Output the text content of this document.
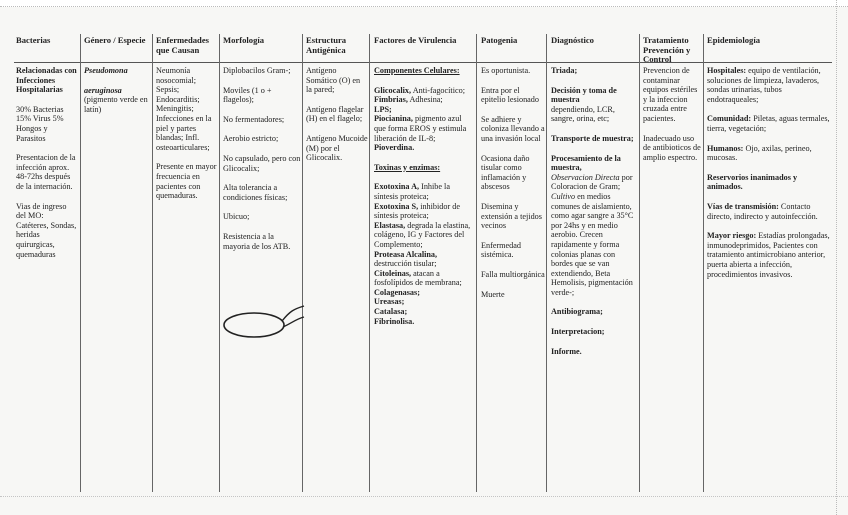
Bacterias

Relacionadas con Infecciones Hospitalarias

30% Bacterias 15% Virus 5% Hongos y Parasitos

Presentacion de la infección aprox. 48-72hs después de la internación.

Vias de ingreso del MO:

Catéteres, Sondas, heridas quirurgicas, quemaduras

Género / Especie

Pseudomona

aeruginosa

(pigmento verde en latín)

Enfermedades que Causan

Neumonía nosocomial; Sepsis; Endocarditis; Meningitis; Infecciones en la piel y partes blandas; Infl. osteoarticulares;

Presente en mayor frecuencia en pacientes con quemaduras.

Morfología

Diplobacilos Gram-;

Moviles (1 o + flagelos);

No fermentadores;

Aerobio estricto;

No capsulado, pero con Glicocalix;

Alta tolerancia a condiciones físicas;

Ubicuo;

Resistencia a la mayoria de los ATB.

Estructura Antigénica

Antígeno Somático (O) en la pared;

Antígeno flagelar (H) en el flagelo;

Antígeno Mucoide (M) por el Glicocalix.

Factores de Virulencia

Componentes Celulares:

Glicocalix, Anti-fagocítico;

Fimbrias, Adhesina;

LPS;

Piocianina, pigmento azul que forma EROS y estimula liberación de IL-8;

Pioverdina.

Toxinas y enzimas:

Exotoxina A, Inhibe la síntesis proteica;

Exotoxina S, inhibidor de síntesis proteica;

Elastasa, degrada la elastina, colágeno, IG y Factores del Complemento;

Proteasa Alcalina, destrucción tisular;

Citoleinas, atacan a fosfolípidos de membrana;

Colagenasas;

Ureasas;

Catalasa;

Fibrinolisa.

Patogenia

Es oportunista.

Entra por el epitelio lesionado

Se adhiere y coloniza llevando a una invasión local

Ocasiona daño tisular como inflamación y abscesos

Disemina y extensión a tejidos vecinos

Enfermedad sistémica.

Falla multiorgánica

Muerte

Diagnóstico

Triada;

Decisión y toma de muestra

dependiendo, LCR, sangre, orina, etc;

Transporte de muestra;

Procesamiento de la muestra,

Observacion Directa por Coloracion de Gram;

Cultivo en medios comunes de aislamiento, como agar sangre a 35°C por 24hs y en medio aerobio. Crecen rapidamente y forma colonias planas con bordes que se van extendiendo, Beta Hemolisis, pigmentación verde-;

Antibiograma;

Interpretacion;

Informe.

Tratamiento Prevención y Control

Prevencion de contaminar equipos estériles y la infeccion cruzada entre pacientes.

Inadecuado uso de antibioticos de amplio espectro.

Epidemiología

Hospitales: equipo de ventilación, soluciones de limpieza, lavaderos, sondas urinarias, tubos endotraqueales;

Comunidad: Piletas, aguas termales, tierra, vegetación;

Humanos: Ojo, axilas, perineo, mucosas.

Reservorios inanimados y animados.

Vías de transmisión: Contacto directo, indirecto y autoinfección.

Mayor riesgo: Estadías prolongadas, inmunodeprimidos, Pacientes con tratamiento antimicrobiano anterior, puerta abierta a infección, procedimientos invasivos.
